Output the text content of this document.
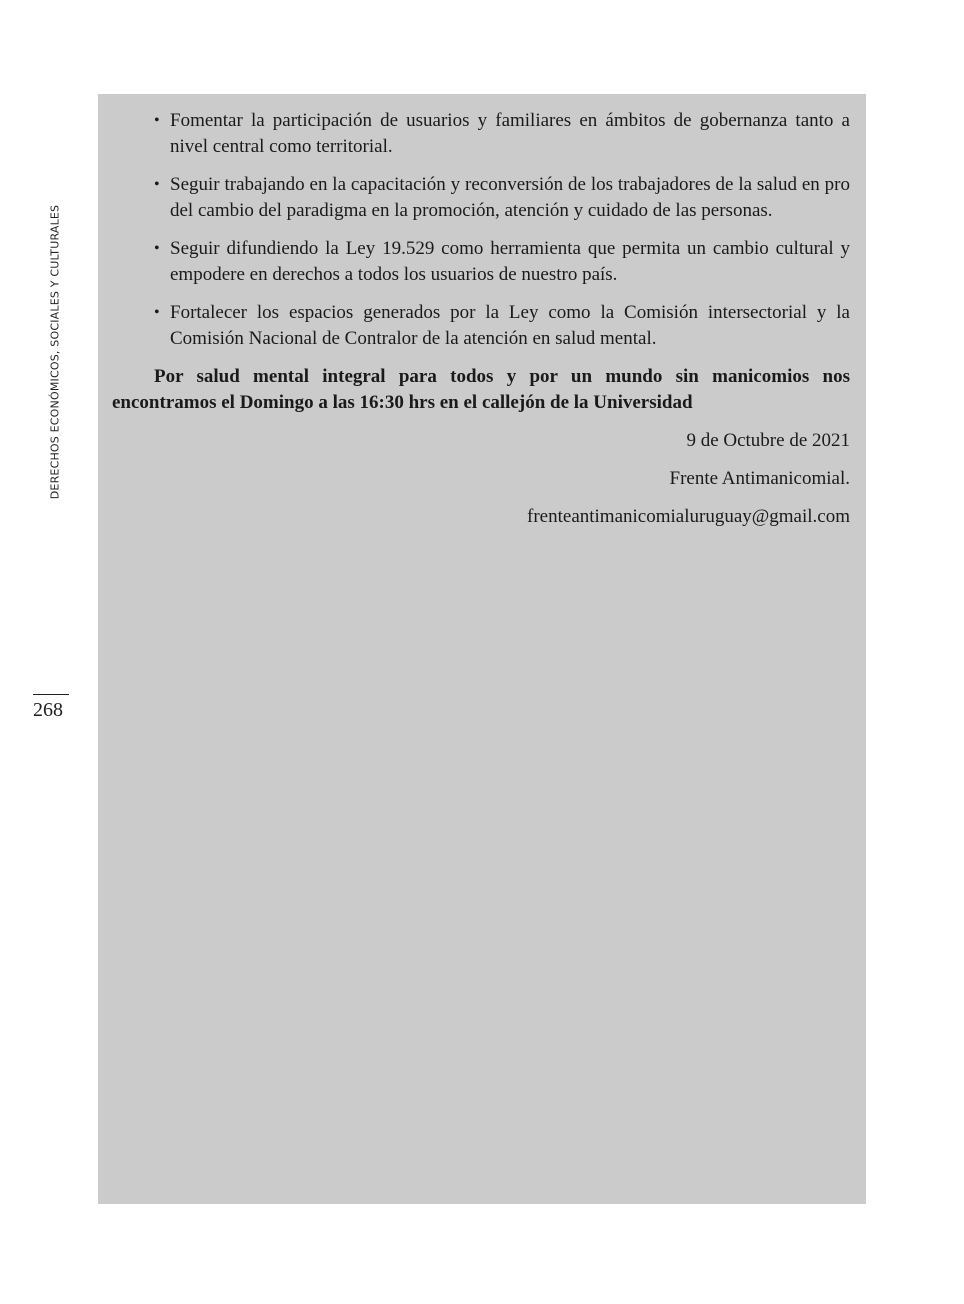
DERECHOS ECONÓMICOS, SOCIALES Y CULTURALES
268
• Fomentar la participación de usuarios y familiares en ámbitos de gobernanza tanto a nivel central como territorial.
• Seguir trabajando en la capacitación y reconversión de los trabajadores de la salud en pro del cambio del paradigma en la promoción, atención y cuidado de las personas.
• Seguir difundiendo la Ley 19.529 como herramienta que permita un cambio cultural y empodere en derechos a todos los usuarios de nuestro país.
• Fortalecer los espacios generados por la Ley como la Comisión intersectorial y la Comisión Nacional de Contralor de la atención en salud mental.

Por salud mental integral para todos y por un mundo sin manicomios nos encontramos el Domingo a las 16:30 hrs en el callejón de la Universidad

9 de Octubre de 2021

Frente Antimanicomial.

frenteantimanicomialuruguay@gmail.com
